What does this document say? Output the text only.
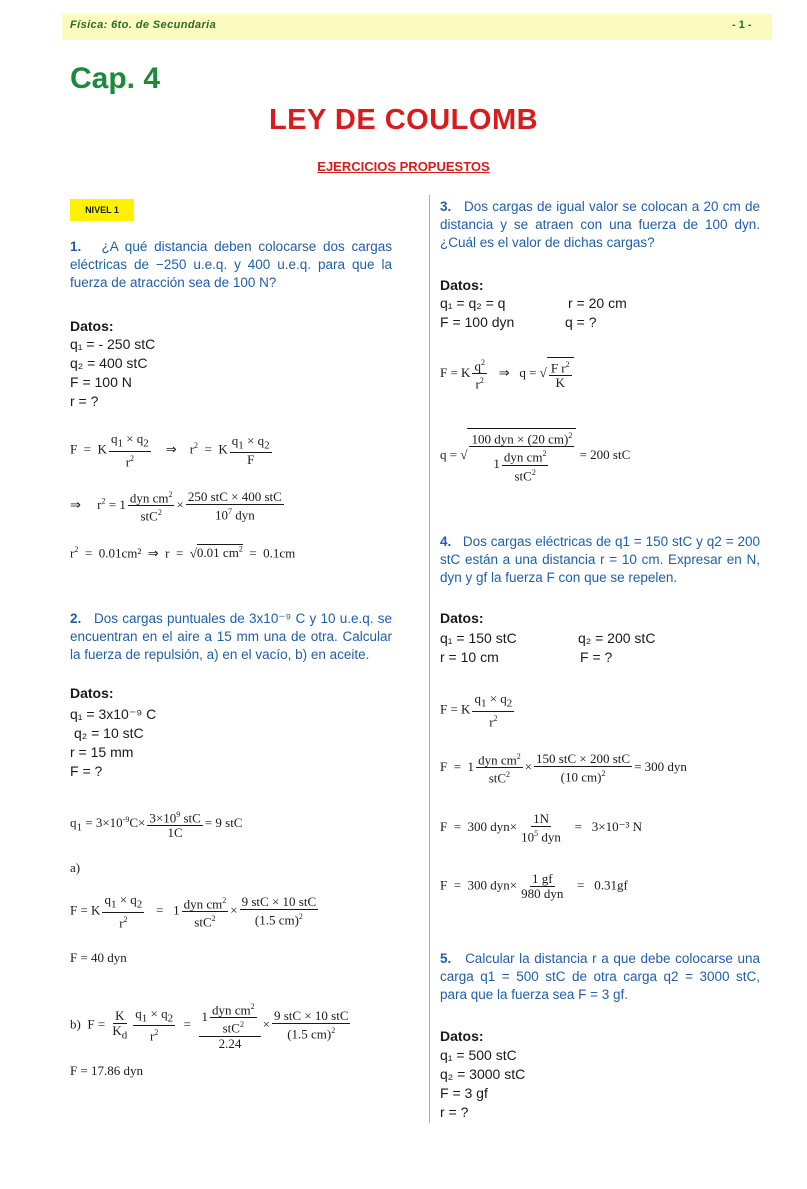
Física: 6to. de Secundaria	- 1 -
Cap. 4
LEY DE COULOMB
EJERCICIOS PROPUESTOS
NIVEL 1
1. ¿A qué distancia deben colocarse dos cargas eléctricas de −250 u.e.q. y 400 u.e.q. para que la fuerza de atracción sea de 100 N?
Datos:
q₁ = - 250 stC
q₂ = 400 stC
F = 100 N
r = ?
F  =  K $\frac{q_1 \times q_2}{r^2}$ ⇒    $r^2 = K \frac{q_1 \times q_2}{F}$
⇒     $r^2 = 1$ dyn $cm^2$
stC$^2$
×
250 stC × 400 stC
$10^7$ dyn
$r^2 = 0.01cm^2$  ⇒  r  =  √0.01 $cm^2 = 0.1cm$
2. Dos cargas puntuales de 3x10⁻⁹ C y 10 u.e.q. se encuentran en el aire a 15 mm una de otra. Calcular la fuerza de repulsión, a) en el vacío, b) en aceite.
Datos:
q₁ = 3x10⁻⁹ C
q₂ = 10 stC
r = 15 mm
F = ?
$q_1 = 3\times 10^{-9}C\times 3\times 10^9$ stC
1C
= 9 stC
a)
F = K $\frac{q_1 \times q_2}{r^2} = 1$ dyn $cm^2$
stC$^2$
×
9 stC × 10 stC
(1.5 cm)$^2$
F = 40 dyn
b)  $F = \frac{K}{K_d} \frac{q_1 \times q_2}{r^2} = 1$ dyn $cm^2$
stC$^2$
2.24
×
9 stC × 10 stC
(1.5 cm)$^2$
F = 17.86 dyn
3. Dos cargas de igual valor se colocan a 20 cm de distancia y se atraen con una fuerza de 100 dyn. ¿Cuál es el valor de dichas cargas?
Datos:
q₁ = q₂ = q	r = 20 cm
F = 100 dyn	q = ?
F = K $\frac{q^2}{r^2}$ ⇒   q = √ $\frac{F r^2}{K}$
q = √
100 dyn × (20 cm)$^2$
1 dyn $cm^2$
stC$^2$
= 200 stC
4. Dos cargas eléctricas de q1 = 150 stC y q2 = 200 stC están a una distancia r = 10 cm. Expresar en N, dyn y gf la fuerza F con que se repelen.
Datos:
q₁ = 150 stC	q₂ = 200 stC
r = 10 cm	F = ?
F = K $\frac{q_1 \times q_2}{r^2}$
F  =  1 dyn $cm^2$
stC$^2$
×
150 stC × 200 stC
(10 cm)$^2$ = 300 dyn
F  =  300 dyn×
1N
$10^5$ dyn
=   3×10⁻³ N
F  =  300 dyn× 1 gf
980 dyn
=   0.31gf
5. Calcular la distancia r a que debe colocarse una carga q1 = 500 stC de otra carga q2 = 3000 stC, para que la fuerza sea F = 3 gf.
Datos:
q₁ = 500 stC
q₂ = 3000 stC
F = 3 gf
r = ?
